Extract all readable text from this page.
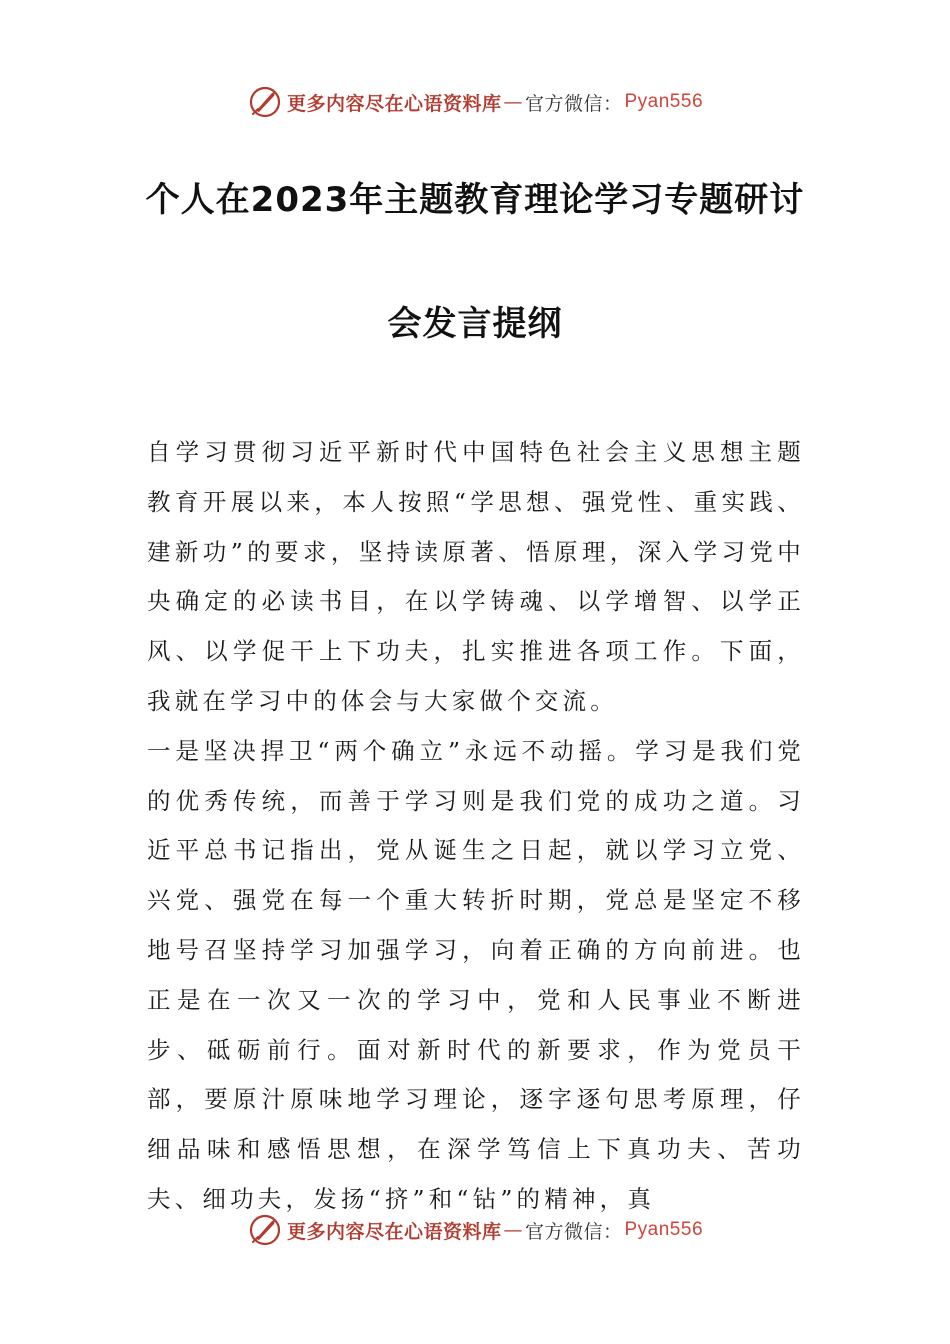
更多内容尽在心语资料库 — 官方微信： Pyan556
个人在2023年主题教育理论学习专题研讨
会发言提纲

自学习贯彻习近平新时代中国特色社会主义思想主题教育开展以来，本人按照“学思想、强党性、重实践、建新功”的要求，坚持读原著、悟原理，深入学习党中央确定的必读书目，在以学铸魂、以学增智、以学正风、以学促干上下功夫，扎实推进各项工作。下面，我就在学习中的体会与大家做个交流。

一是坚决捍卫“两个确立”永远不动摇。学习是我们党的优秀传统，而善于学习则是我们党的成功之道。习近平总书记指出，党从诞生之日起，就以学习立党、兴党、强党在每一个重大转折时期，党总是坚定不移地号召坚持学习加强学习，向着正确的方向前进。也正是在一次又一次的学习中，党和人民事业不断进步、砥砺前行。面对新时代的新要求，作为党员干部，要原汁原味地学习理论，逐字逐句思考原理，仔细品味和感悟思想，在深学笃信上下真功夫、苦功夫、细功夫，发扬“挤”和“钻”的精神，真

更多内容尽在心语资料库 — 官方微信： Pyan556
